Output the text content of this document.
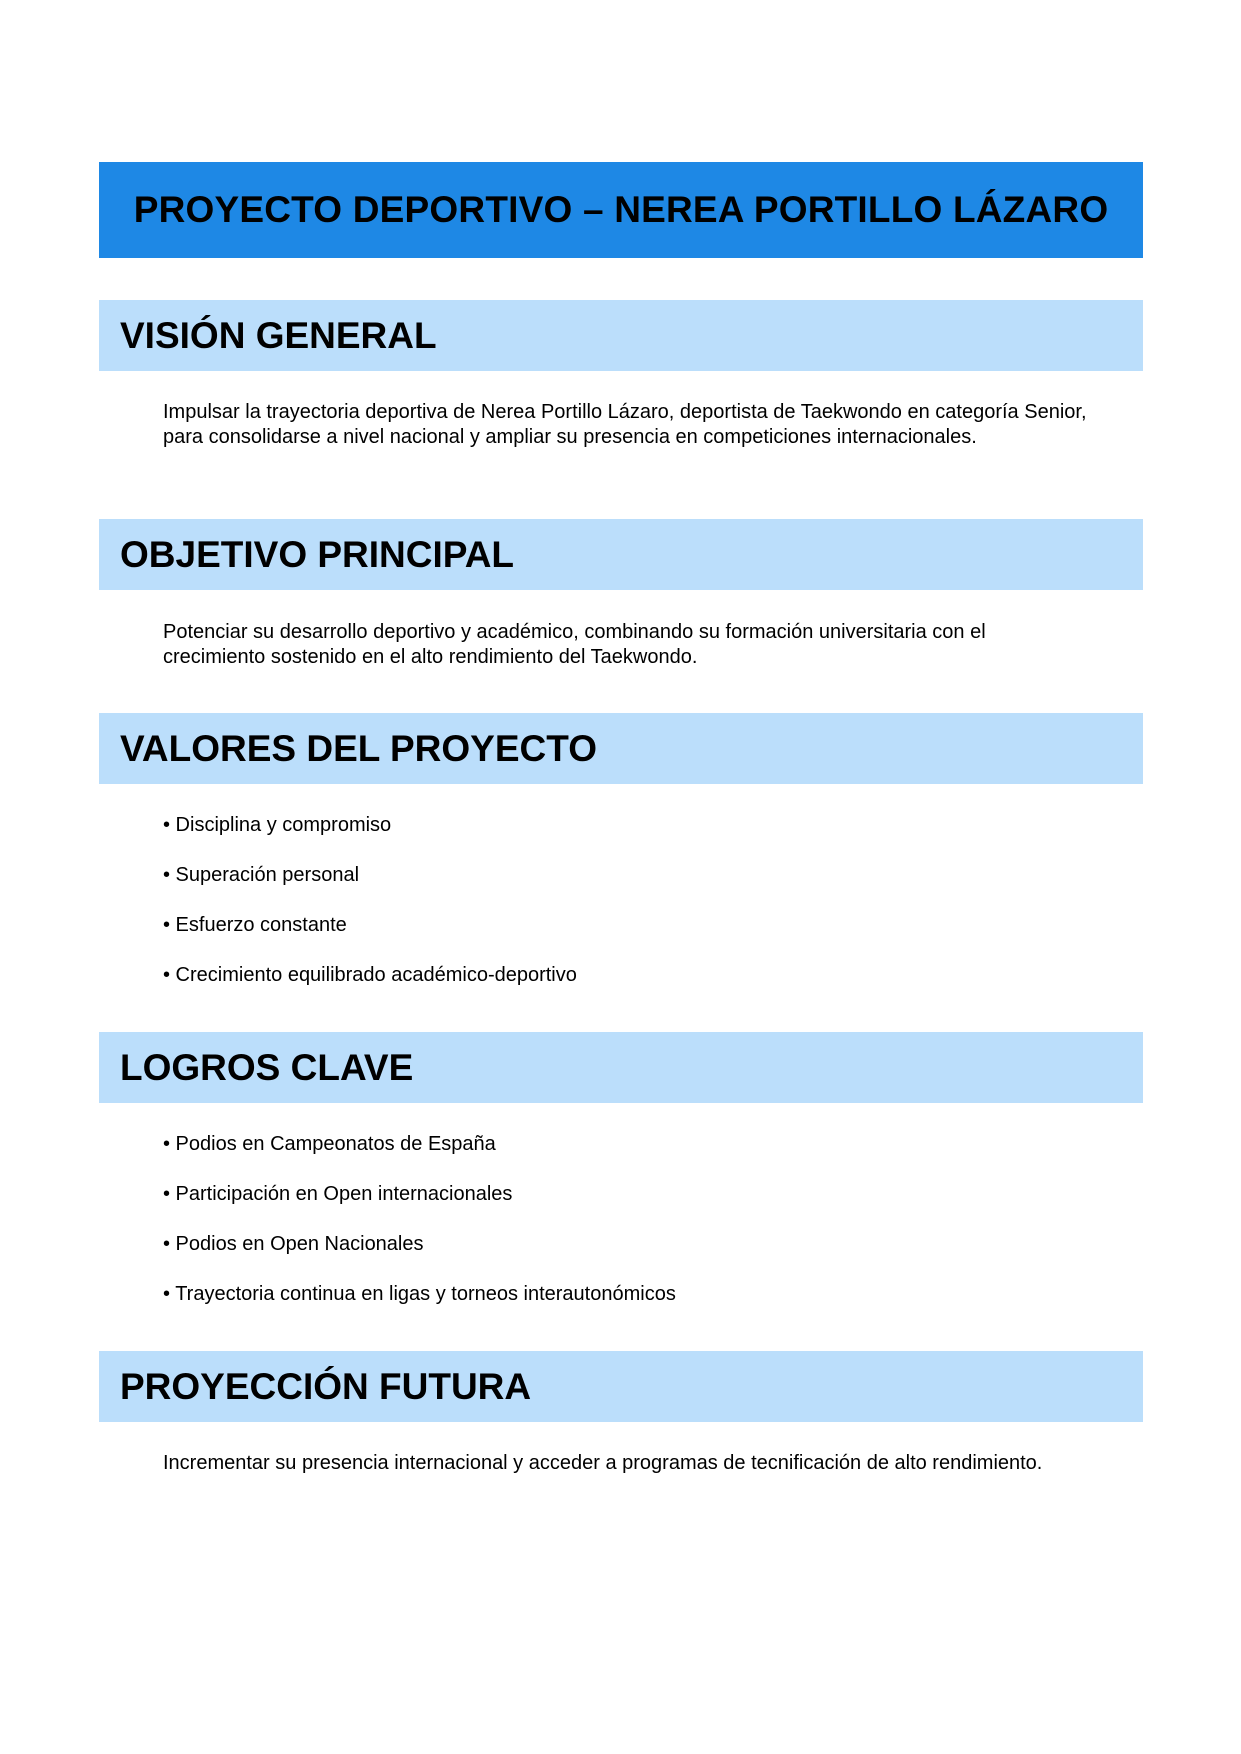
PROYECTO DEPORTIVO – NEREA PORTILLO LÁZARO
VISIÓN GENERAL
Impulsar la trayectoria deportiva de Nerea Portillo Lázaro, deportista de Taekwondo en categoría Senior, para consolidarse a nivel nacional y ampliar su presencia en competiciones internacionales.
OBJETIVO PRINCIPAL
Potenciar su desarrollo deportivo y académico, combinando su formación universitaria con el crecimiento sostenido en el alto rendimiento del Taekwondo.
VALORES DEL PROYECTO
• Disciplina y compromiso
• Superación personal
• Esfuerzo constante
• Crecimiento equilibrado académico-deportivo
LOGROS CLAVE
• Podios en Campeonatos de España
• Participación en Open internacionales
• Podios en Open Nacionales
• Trayectoria continua en ligas y torneos interautonómicos
PROYECCIÓN FUTURA
Incrementar su presencia internacional y acceder a programas de tecnificación de alto rendimiento.
